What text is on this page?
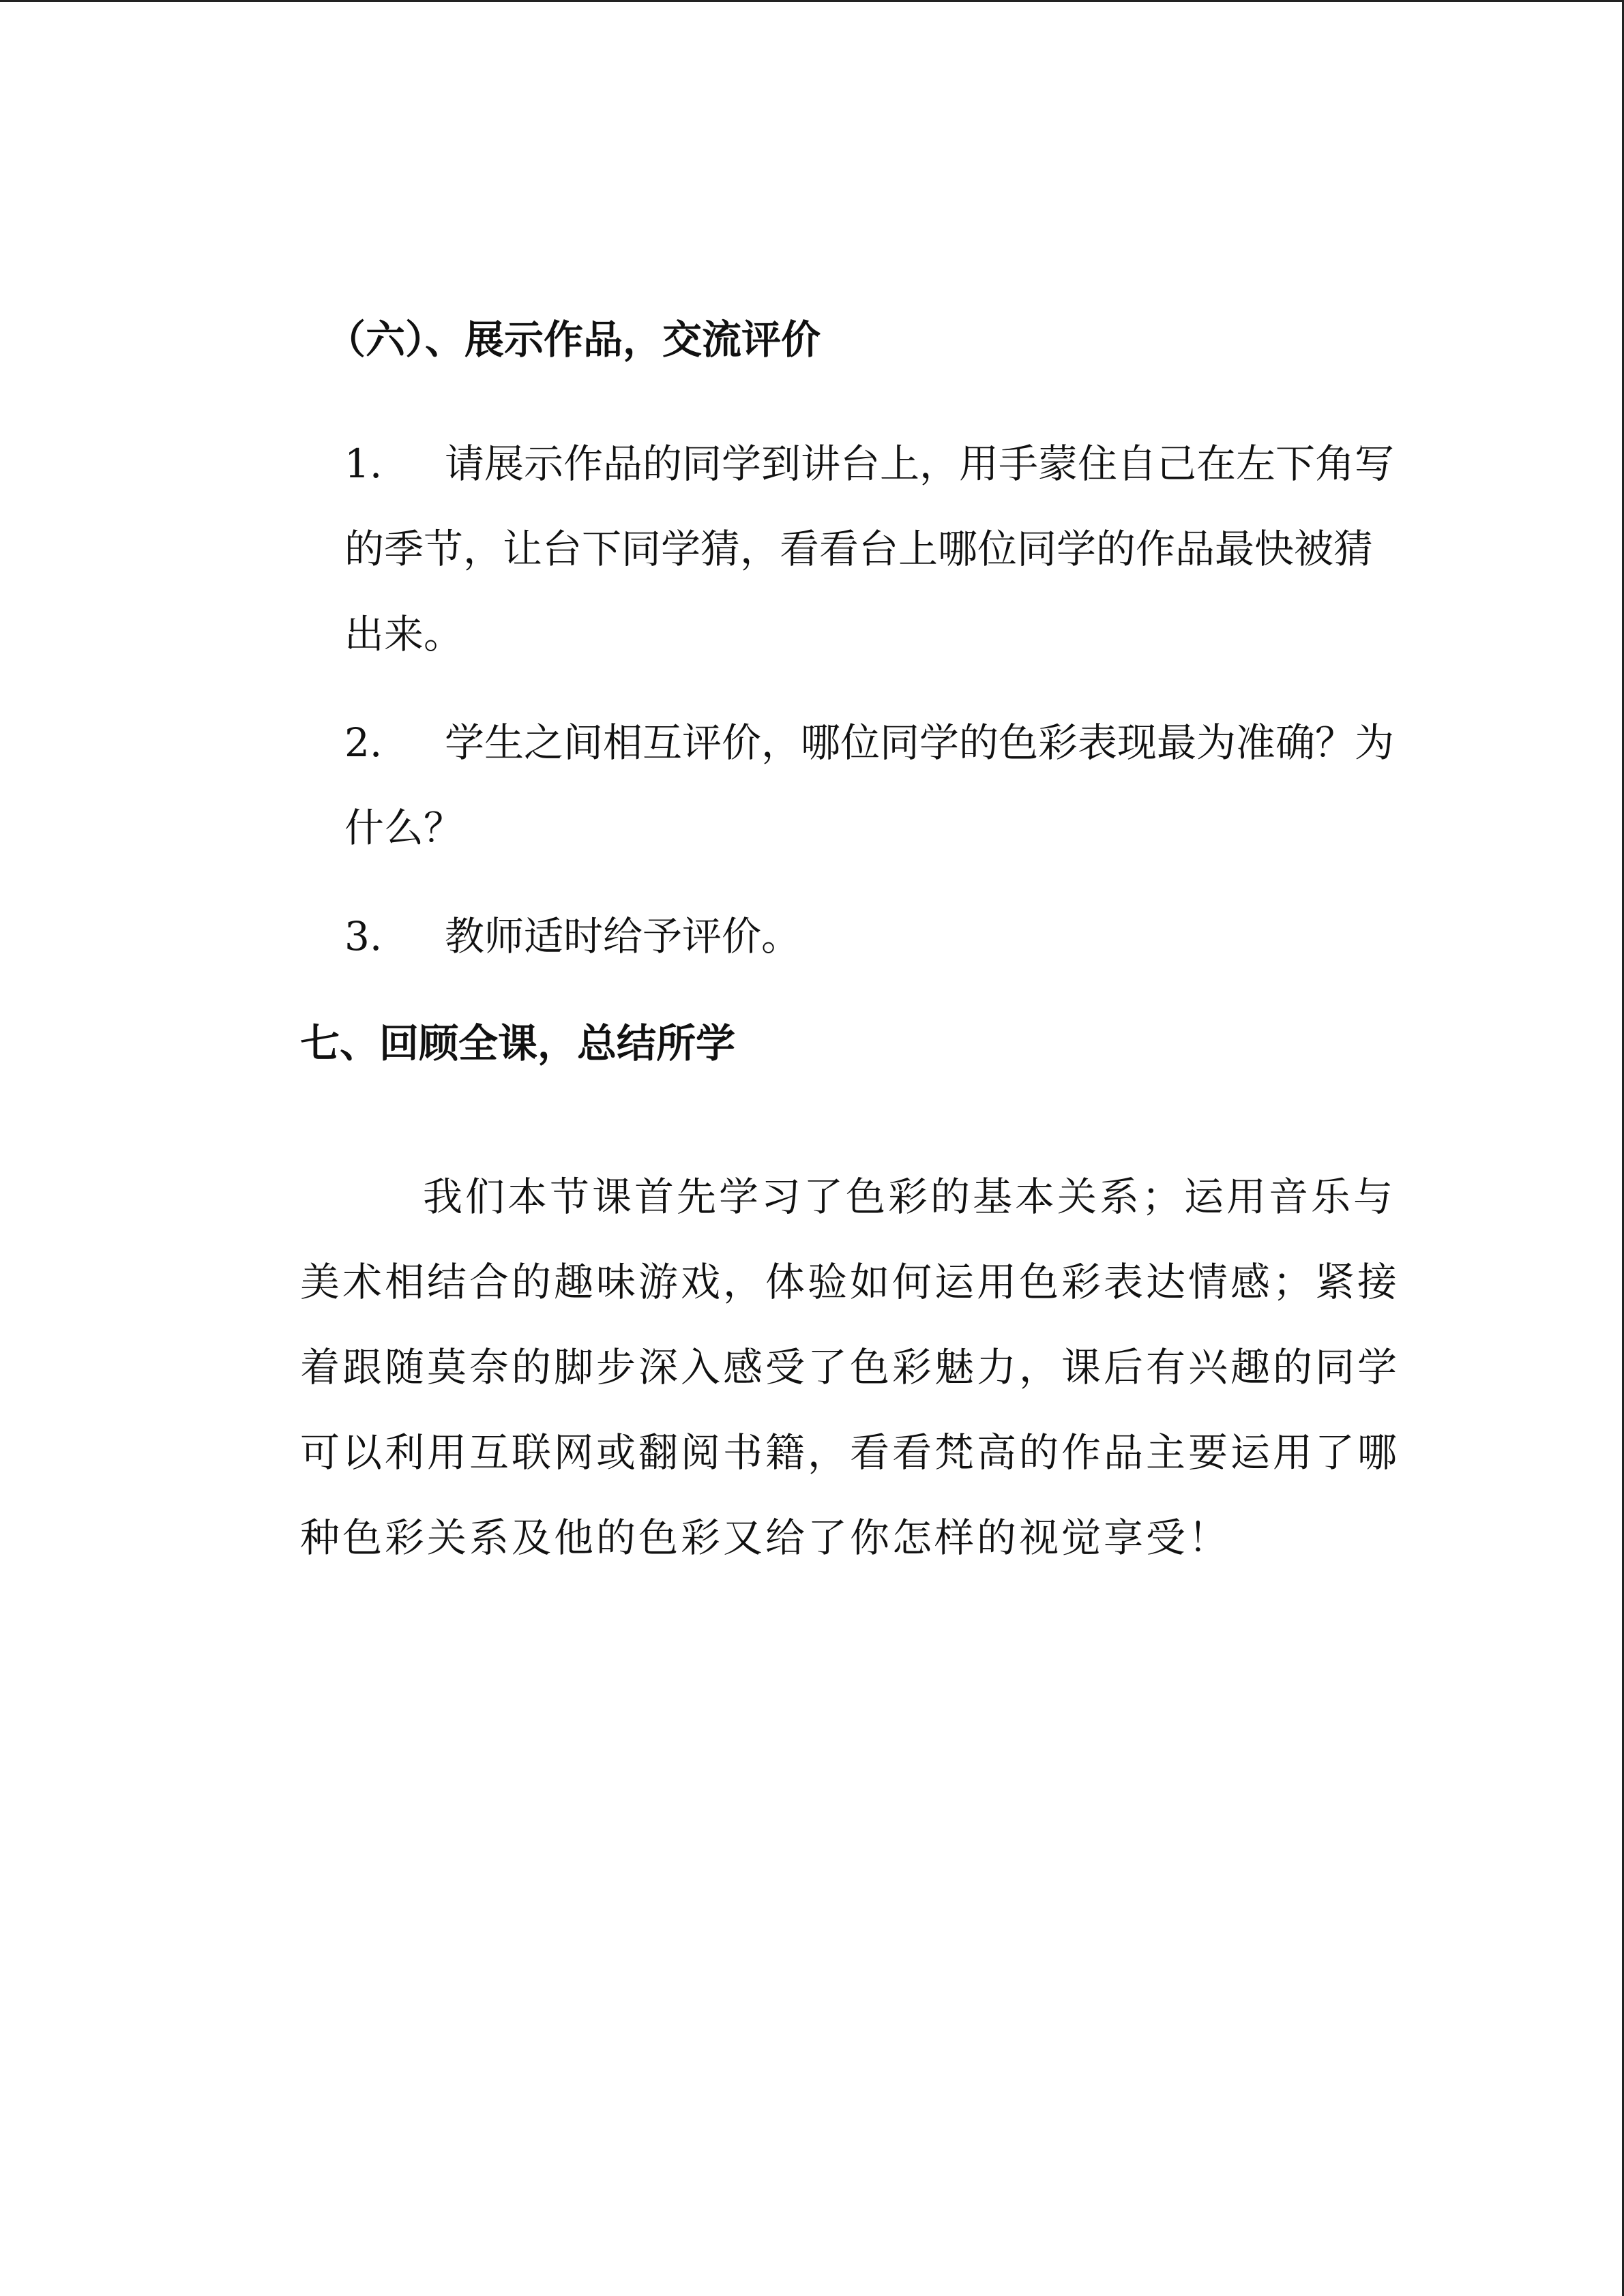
（六）、展示作品，交流评价
1.	请展示作品的同学到讲台上，用手蒙住自己在左下角写的季节，让台下同学猜，看看台上哪位同学的作品最快被猜出来。
2.	学生之间相互评价，哪位同学的色彩表现最为准确？为什么？
3.	教师适时给予评价。
七、回顾全课，总结所学

我们本节课首先学习了色彩的基本关系；运用音乐与美术相结合的趣味游戏，体验如何运用色彩表达情感；紧接着跟随莫奈的脚步深入感受了色彩魅力，课后有兴趣的同学可以利用互联网或翻阅书籍，看看梵高的作品主要运用了哪种色彩关系及他的色彩又给了你怎样的视觉享受！
